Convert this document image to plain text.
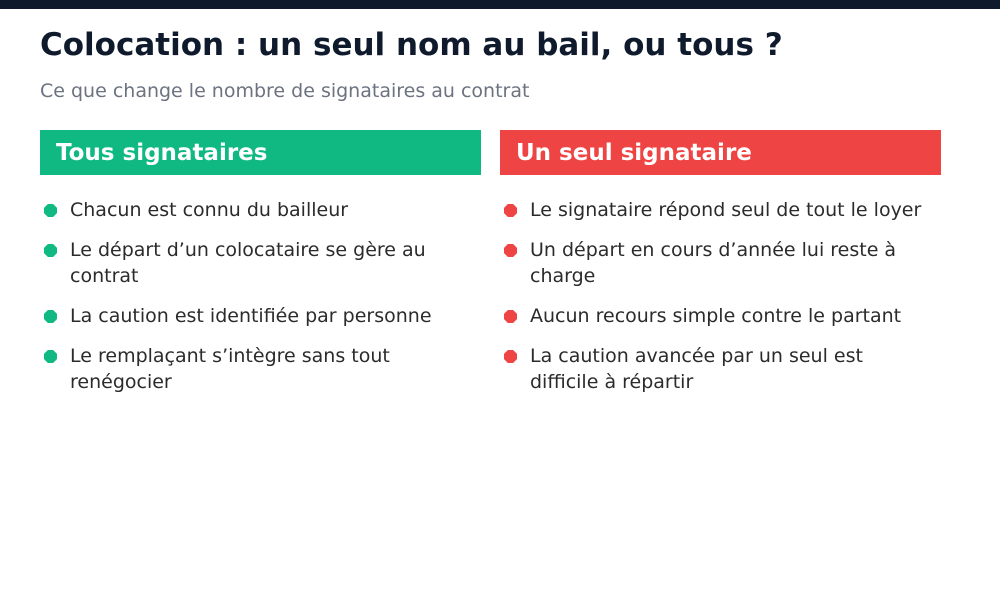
Colocation : un seul nom au bail, ou tous ?

Ce que change le nombre de signataires au contrat

Tous signataires
Chacun est connu du bailleur
Le départ d’un colocataire se gère au contrat
La caution est identifiée par personne
Le remplaçant s’intègre sans tout renégocier
Un seul signataire
Le signataire répond seul de tout le loyer
Un départ en cours d’année lui reste à charge
Aucun recours simple contre le partant
La caution avancée par un seul est difficile à répartir
